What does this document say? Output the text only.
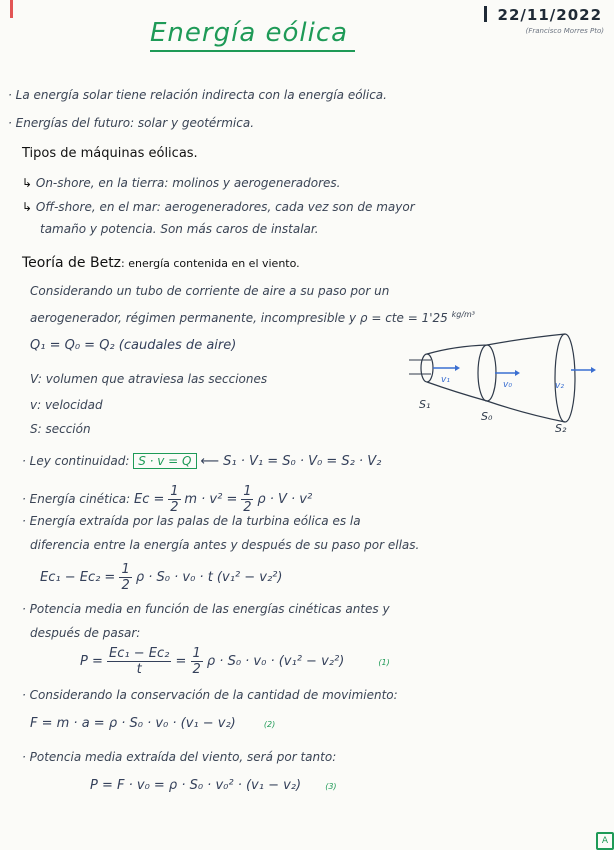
Energía eólica
22/11/2022
(Francisco Morres Pto)
· La energía solar tiene relación indirecta con la energía eólica.
· Energías del futuro: solar y geotérmica.
Tipos de máquinas eólicas.
↳ On-shore, en la tierra: molinos y aerogeneradores.
↳ Off-shore, en el mar: aerogeneradores, cada vez son de mayor
tamaño y potencia. Son más caros de instalar.
Teoría de Betz: energía contenida en el viento.
Considerando un tubo de corriente de aire a su paso por un
aerogenerador, régimen permanente, incompresible y ρ = cte = 1'25 $^{kg/m^3}$
Q₁ = Q₀ = Q₂ (caudales de aire)
V: volumen que atraviesa las secciones
v: velocidad
S: sección
v₁	v₀	v₂
S₁
S₀
S₂
· Ley continuidad: S · v = Q ⟵ S₁ · V₁ = S₀ · V₀ = S₂ · V₂
· Energía cinética: $Ec = \frac{1}{2}$ $m \cdot v^2 = \frac{1}{2}$ ρ · V · v²
· Energía extraída por las palas de la turbina eólica es la
diferencia entre la energía antes y después de su paso por ellas.
$Ec_1 - Ec_2 = \frac{1}{2}$ ρ · S₀ · v₀ · t (v₁² − v₂²)
· Potencia media en función de las energías cinéticas antes y
después de pasar:
$P = \frac{\text{Ec₁ − Ec₂}}{t} = \frac{1}{2}$ ρ · S₀ · v₀ · (v₁² − v₂²)	(1)
· Considerando la conservación de la cantidad de movimiento:
F = m · a = ρ · S₀ · v₀ · (v₁ − v₂)	(2)
· Potencia media extraída del viento, será por tanto:
P = F · v₀ = ρ · S₀ · v₀² · (v₁ − v₂)	(3)
A
